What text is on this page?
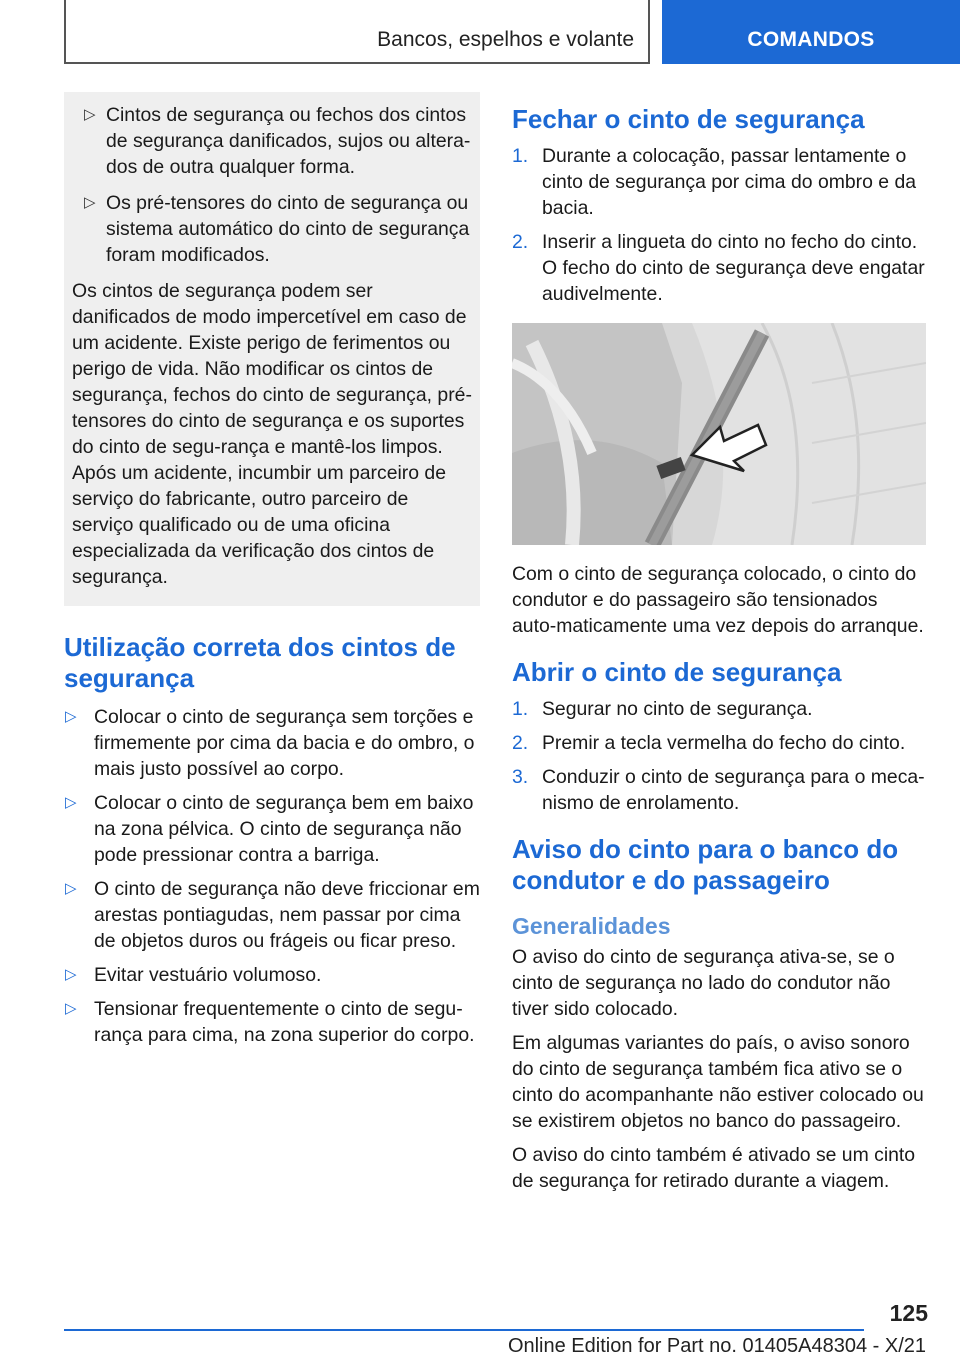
Bancos, espelhos e volante	COMANDOS
▷ Cintos de segurança ou fechos dos cintos de segurança danificados, sujos ou altera-dos de outra qualquer forma.
▷ Os pré-tensores do cinto de segurança ou sistema automático do cinto de segurança foram modificados.

Os cintos de segurança podem ser danificados de modo impercetível em caso de um acidente. Existe perigo de ferimentos ou perigo de vida. Não modificar os cintos de segurança, fechos do cinto de segurança, pré-tensores do cinto de segurança e os suportes do cinto de segu-rança e mantê-los limpos. Após um acidente, incumbir um parceiro de serviço do fabricante, outro parceiro de serviço qualificado ou de uma oficina especializada da verificação dos cintos de segurança.

Utilização correta dos cintos de segurança
▷ Colocar o cinto de segurança sem torções e firmemente por cima da bacia e do ombro, o mais justo possível ao corpo.
▷ Colocar o cinto de segurança bem em baixo na zona pélvica. O cinto de segurança não pode pressionar contra a barriga.
▷ O cinto de segurança não deve friccionar em arestas pontiagudas, nem passar por cima de objetos duros ou frágeis ou ficar preso.
▷ Evitar vestuário volumoso.
▷ Tensionar frequentemente o cinto de segu-rança para cima, na zona superior do corpo.
Fechar o cinto de segurança
1. Durante a colocação, passar lentamente o cinto de segurança por cima do ombro e da bacia.
2. Inserir a lingueta do cinto no fecho do cinto. O fecho do cinto de segurança deve engatar audivelmente.

Com o cinto de segurança colocado, o cinto do condutor e do passageiro são tensionados auto-maticamente uma vez depois do arranque.

Abrir o cinto de segurança
1. Segurar no cinto de segurança.
2. Premir a tecla vermelha do fecho do cinto.
3. Conduzir o cinto de segurança para o meca-nismo de enrolamento.
Aviso do cinto para o banco do condutor e do passageiro
Generalidades

O aviso do cinto de segurança ativa-se, se o cinto de segurança no lado do condutor não tiver sido colocado.

Em algumas variantes do país, o aviso sonoro do cinto de segurança também fica ativo se o cinto do acompanhante não estiver colocado ou se existirem objetos no banco do passageiro.

O aviso do cinto também é ativado se um cinto de segurança for retirado durante a viagem.

125
Online Edition for Part no. 01405A48304 - X/21
